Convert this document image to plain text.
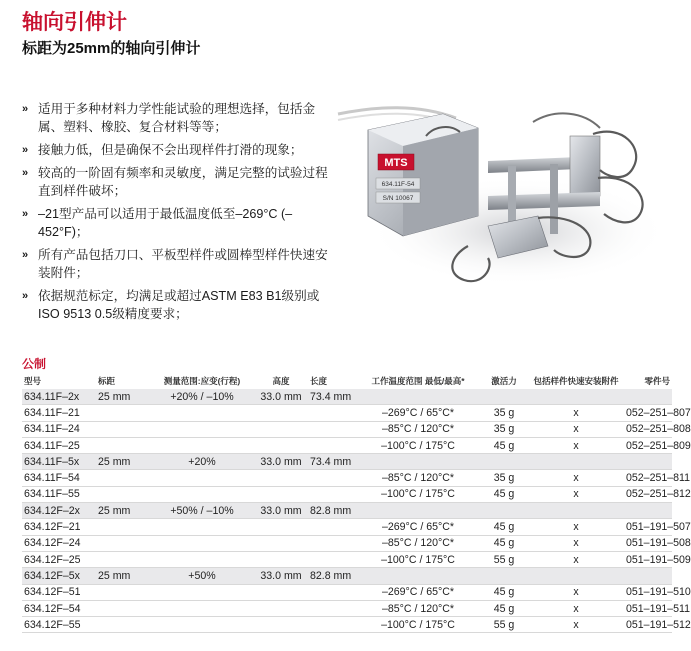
轴向引伸计
标距为25mm的轴向引伸计
» 适用于多种材料力学性能试验的理想选择，包括金属、塑料、橡胶、复合材料等等；
» 接触力低，但是确保不会出现样件打滑的现象；
» 较高的一阶固有频率和灵敏度，满足完整的试验过程直到样件破坏；
» –21型产品可以适用于最低温度低至–269°C (–452°F)；
» 所有产品包括刀口、平板型样件或圆棒型样件快速安装附件；
» 依据规范标定，均满足或超过ASTM E83 B1级别或ISO 9513 0.5级精度要求；
MTS
634.11F-54
S/N 10067
公制
型号	标距	测量范围:应变(行程)	高度	长度	工作温度范围 最低/最高*	激活力	包括样件快速安装附件	零件号
634.11F–2x	25 mm	+20% / –10%	33.0 mm	73.4 mm				
634.11F–21					–269°C / 65°C*	35 g	x	052–251–807
634.11F–24					–85°C / 120°C*	35 g	x	052–251–808
634.11F–25					–100°C / 175°C	45 g	x	052–251–809
634.11F–5x	25 mm	+20%	33.0 mm	73.4 mm				
634.11F–54					–85°C / 120°C*	35 g	x	052–251–811
634.11F–55					–100°C / 175°C	45 g	x	052–251–812
634.12F–2x	25 mm	+50% / –10%	33.0 mm	82.8 mm				
634.12F–21					–269°C / 65°C*	45 g	x	051–191–507
634.12F–24					–85°C / 120°C*	45 g	x	051–191–508
634.12F–25					–100°C / 175°C	55 g	x	051–191–509
634.12F–5x	25 mm	+50%	33.0 mm	82.8 mm				
634.12F–51					–269°C / 65°C*	45 g	x	051–191–510
634.12F–54					–85°C / 120°C*	45 g	x	051–191–511
634.12F–55					–100°C / 175°C	55 g	x	051–191–512
